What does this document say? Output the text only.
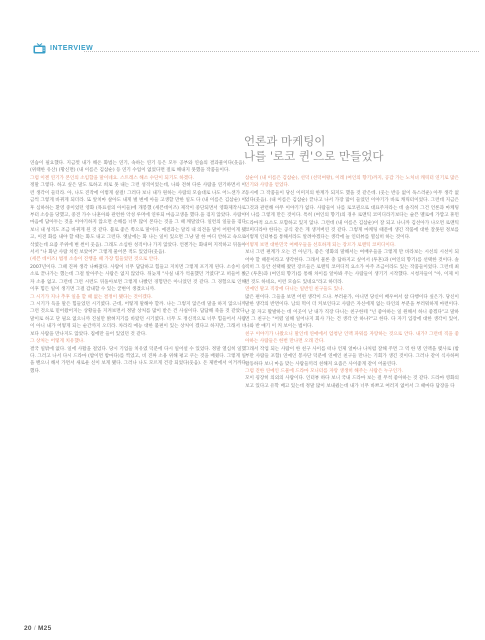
INTERVIEW

연습이 필요했다. 지금껏 내가 해온 화법는 연기, 속하는 연기 등은 모두 공부와 연습의 결과물이다(웃음). (위태한 유산) (황신면) (내 이름은 김삼순) 등 연기 수업이 없었다면 절로 해내지 못했을 작품들이다.

그럼 이젠 연기가 본인의 소임합을 말이네요. 스트레스 해소 수단이 되기도 하겠다.

정말 그렇다. 하고 싶은 말도 토하고 희로 못 내는 그런 성격이었는데, 나와 전혀 다른 사람을 연기하면서 이런 생각이 들더라. 아, 나도 진작에 이렇게 살걸! 그러다 보니 내가 원하는 사람의 모습대로 나도 어느샌가 조금씩 그렇게 바뀌게 되더라. 또 앞치마 살아도 내게 벌 변에 아들 고생할 만한 일도 다 (내 이름은 김삼순) 이후 심하하는 환영 중이었던 영화 (목표설의 아이들)에 개봉했 (세븐데이즈) 제작이 중단되면서 영화제작사로부터 소송을 당했고, 중견 가수 나훈아와 관련한 악성 루머에 연루되 마음고생을 했다.을 겪지 않았다. 사람이 마음에 담아두는 것을 이야기하지 않으면 손해를 너무 많이 본다는 것을 그 때 깨달았다. 일련의 일들을 겪다 보니 내 성격도 조금 바뀌게 된 것 같다. 불로 좋은 쪽으로 말이다. 예전과는 달리 내 의견을 말이 어떤이게 됐고, 이전 화를 내야 할 때는 화도 내고 그런다. 옛날에는 화 나는 일이 있으면 그냥 말 한 마디 안하고 속으로 삭였는데 요즘 주위에 변 썬이 웃음). 그래도 소심한 성격이나 가지 않았다. 언젠가는 화내며 지적하고 뒤돌아서서 "나 화난 사람 치킨 보았어?" 그렇게 물어본 적도 있었다(웃음).

(세븐 데이즈) 법정 소송이 진행을 때 가장 힘들었던 것으로 안다.

2007년이다. 그때 진짜 생각 나빠졌다. 사람이 너무 답답하고 힘들고 지치면 그렇게 포기게 된다. 소송이 승소로 끝나가는 했는데 그걸 알아주는 사람은 없지 않았다. 뒤늦게 "사실 내가 억울했던 거였다"고 떠들어 봤자 소용 없고. 그런데 그런 시련도 뒤돌아보면 그렇게 나빴던 경험만은 아니었던 것 같다. 그 경험으로 인해 이후 힘든 일이 생기면 그걸 감내할 수 있는 굳변이 생겼으니까.

그 시기가 지나 추후 일을 할 때 없는 결정이 됐다는 것이겠다.

그 시기가 득을 말은 힘들었던 시기였다. 근데, 어떻게 말해야 할까. 나는 그렇지 않은데 말을 하지 않으니까 그런 것으로 믿어왔어지는 상황들을 지켜보면서 정말 상처를 많이 받은 건 사실이다. 답답해 죽을 것 같았다. 말이로 하고 단 필요 없으니까 진실만 밝혀지기를 바랐던 시기였다. 너무 도 정신적으로 너무 힘들어서 사람이 아니 내가 어떻게 되는 순간까지 오더라. 차라리 예능 대한 불편이 있는 상처이 겠다고 하지만, 그래서 너 보다 사람을 만나지도 않았다. 집에만 들어 있었던 것 같다.

그 상처는 어떻게 치유했나.

결국 일밖에 없다. 일에 사활을 걸었다. 당시 기업들 치유였 덕분에 다시 일어설 수 있었다. 정말 열심히 일했다. 그러고 나서 다시 드라마 (밤이면 밤마다)를 찍었고, 비 진짜 소용 위해 평고 쿠는 것을 배웠다. 그렇게 일을 밴으니 해서 가면서 새로운 신이 보게 됐다. 그러나 나도 모르게 건강 되었다(웃음). 돈 제반에서 이거까다 했다.

언론과 마케팅이
나를 '로코 퀸'으로 만들었다

삼순이 (내 이름은 김삼순), 선덕 (선덕여왕), 이레 (여인의 향기)까지, 공감 가는 노처녀 캐릭터 연기로 많은 인기와 사랑을 얻었다.

동시에 그 작품들이 당신 이미지의 한계가 되지도 했을 것 같은데. (웃는 반응 없이 독스러운) 아무 생각 없었다(웃음). (내 이름은 김삼순) 끝나고 나서 가장 많이 들었던 이야기가 바로 캐릭터이었다. 그런데 지금은 그것과 관련해 아무 이야기가 없다. 사람들이 나를 로코퀸으로 대표주자라는 데 솔직히 그건 언론과 마케팅이 나를 그렇게 만든 것이다. 특히 (여인의 향기)의 경우 로맨틱 코미디라기보다는 슬픈 멜로에 가깝고 휴먼 드라마적 요소도 포함하고 있지 않나. 그런데 (내 이름은 김삼순)이 잘 되고 나니까 김선아가 나오면 로맨틱 코미디라야 한다는 공식 같은 게 생겨버린 것 같다. 그렇게 마케팅 때문에 생긴 작품에 대한 잘못된 정보를 이렇게 인터뷰를 통해서라도 알려야겠다는 생각에 늘 인터뷰를 열심히 하는 것이다.

어떻게 보면 대한민국 여배우들을 선호하게 되는 장르가 로맨틱 코미디이다.

보니 그런 편계가 오는 건 아닌가, 좋은 영화의 말해서는 여배우들을 그렇게 만 바라보는 시선의 시선이 되어야 할 때문이라고 생각한다. 그래서 물론 충 답하지고 싶어서 (투혼)과 (여인의 향기)를 선택한 것이다. 솔직히 그 동안 선택해 왔던 장르들은 로맨틱 코미디적 요소가 아주 조금이라도 있는 작품들이었다. 그런데 최근 (투혼)과 (여인의 향기)를 통해 차이를 알아봐 주는 사람들이 생기기 시작했다. 시청자들이 "아, 이제 이런 것도 하네요, 이런 모습도 있네요"라고 하더라.

연예인 말고 직장에 다니는 일반인 친구들도 있나.

많은 편이다. 그들을 보면 어떤 생각이 드나. 부러운가, 아니면 당신이 배우여서 참 다행이다 싶은가. 당신이 말한 생각의 반면이다. 남의 떡이 더 커보인다고 사람은 자신에게 없는 타인의 부분을 부러워하게 마련이다. 난 꽃 자고 활발하는 데 이곳이 난 내가 직장 다니는 친구한테 "넌 좋아하는 일 원해서 하니 좋겠다"고 말하면 그 친구는 "어렸 일해 일어나지 회사 가는 건 생각 안 하냐?"고 한다. 다 자기 입장에 대한 생각이 있어, 나와 반 얘기 이 커 보이는 법이다.

친구 이야기가 나왔으니 말인데 연애에서 엄청난 인맥 파워를 자랑하는 것으로 안다. 내가? 그런데 직을 좋아하는 사람들은 한번 만나면 오래 간다.

그래서 작업 되는 사람이 한 친구 사이를 떠나 언제 얼마나 나처럼 잘해 주면 그 역 한 명 인맥을 맺사로 (밤부만 사람들 포함) 연예인 봉사단 덕분에 연예인 친구들 만나는 기회가 생긴 것이다. 그러나 같이 식사하며 활동하다 보니 마음 맞는 사람들끼리 친해져 요즘은 사이좋게 같이 어울린다.

그럼 진한 연예인 드물에 드라마 모니터를 자랑 생생히 해주는 사람은 누구인가.

모이 굉장히 의외의 사람이다. 인터뷰 하다 보니 국내 드라마 보는 걸 무척 좋아하는 것 같다. 드라마 영화의 보고 있다고 유학 배고 있는데 정말 많이 보내줬는데 내가 너무 바쁘고 여러지 없어서 그 때마다 답장을 다

20 / M25
